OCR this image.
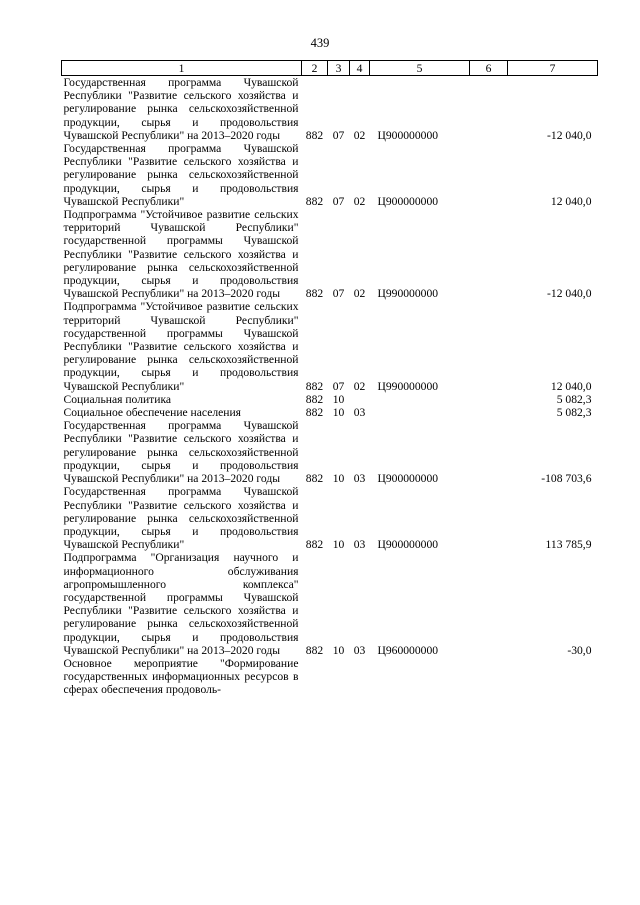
439
1	2	3	4	5	6	7
Государственная программа Чувашской Республики "Развитие сельского хозяйства и регулирование рынка сельскохозяйственной продукции, сырья и продовольствия Чувашской Республики" на 2013–2020 годы	882	07	02	Ц900000000		-12 040,0
Государственная программа Чувашской Республики "Развитие сельского хозяйства и регулирование рынка сельскохозяйственной продукции, сырья и продовольствия Чувашской Республики"	882	07	02	Ц900000000		12 040,0
Подпрограмма "Устойчивое развитие сельских территорий Чувашской Республики" государственной программы Чувашской Республики "Развитие сельского хозяйства и регулирование рынка сельскохозяйственной продукции, сырья и продовольствия Чувашской Республики" на 2013–2020 годы	882	07	02	Ц990000000		-12 040,0
Подпрограмма "Устойчивое развитие сельских территорий Чувашской Республики" государственной программы Чувашской Республики "Развитие сельского хозяйства и регулирование рынка сельскохозяйственной продукции, сырья и продовольствия Чувашской Республики"	882	07	02	Ц990000000		12 040,0
Социальная политика	882	10				5 082,3
Социальное обеспечение населения	882	10	03			5 082,3
Государственная программа Чувашской Республики "Развитие сельского хозяйства и регулирование рынка сельскохозяйственной продукции, сырья и продовольствия Чувашской Республики" на 2013–2020 годы	882	10	03	Ц900000000		-108 703,6
Государственная программа Чувашской Республики "Развитие сельского хозяйства и регулирование рынка сельскохозяйственной продукции, сырья и продовольствия Чувашской Республики"	882	10	03	Ц900000000		113 785,9
Подпрограмма "Организация научного и информационного обслуживания агропромышленного комплекса" государственной программы Чувашской Республики "Развитие сельского хозяйства и регулирование рынка сельскохозяйственной продукции, сырья и продовольствия Чувашской Республики" на 2013–2020 годы	882	10	03	Ц960000000		-30,0
Основное мероприятие "Формирование государственных информационных ресурсов в сферах обеспечения продоволь-						
